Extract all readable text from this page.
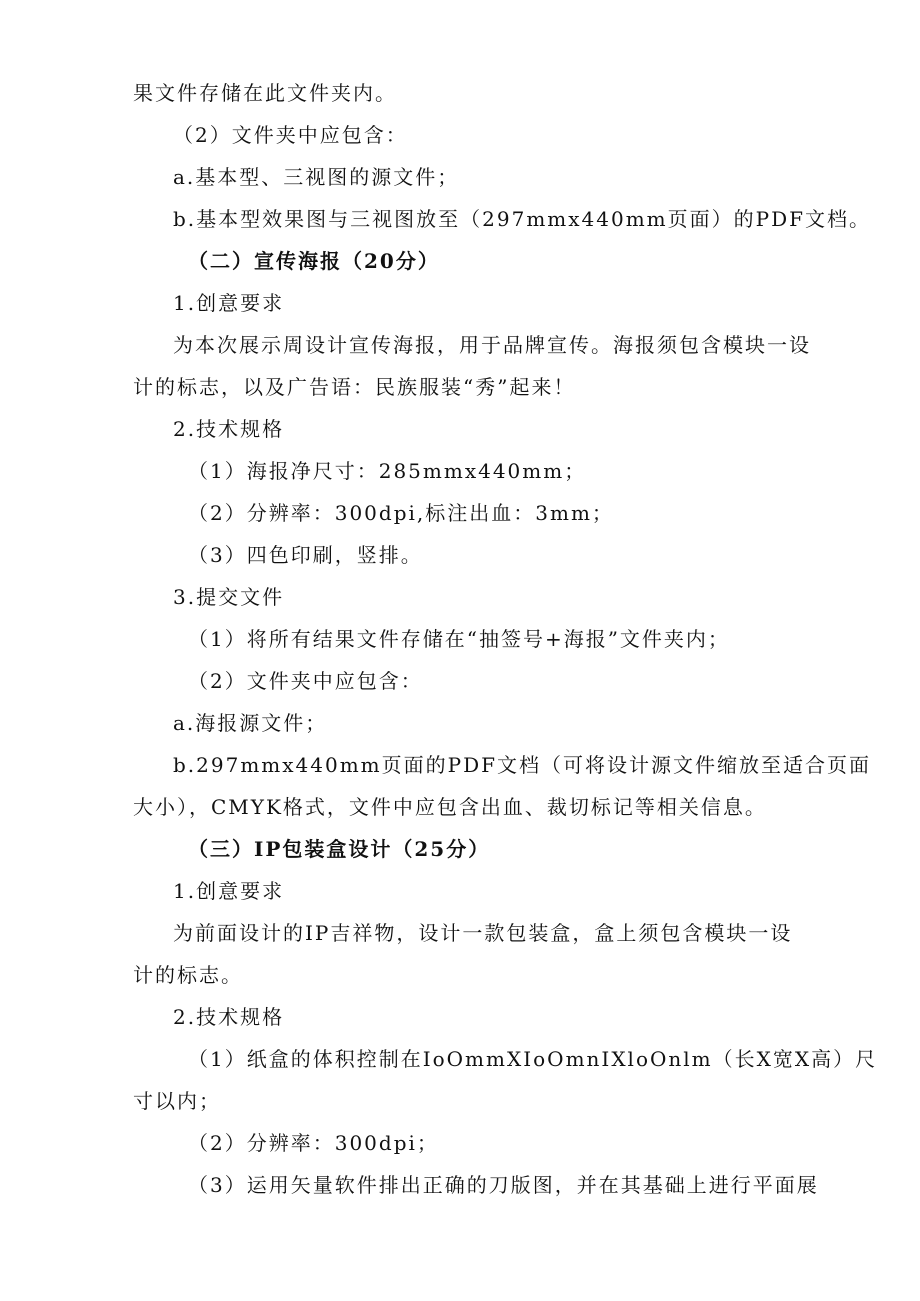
果文件存储在此文件夹内。
（2）文件夹中应包含：
a.基本型、三视图的源文件；
b.基本型效果图与三视图放至（297mmx440mm页面）的PDF文档。
（二）宣传海报（20分）
1.创意要求
为本次展示周设计宣传海报，用于品牌宣传。海报须包含模块一设
计的标志，以及广告语：民族服装“秀”起来！
2.技术规格
（1）海报净尺寸：285mmx440mm；
（2）分辨率：300dpi,标注出血：3mm；
（3）四色印刷，竖排。
3.提交文件
（1）将所有结果文件存储在“抽签号+海报”文件夹内；
（2）文件夹中应包含：
a.海报源文件；
b.297mmx440mm页面的PDF文档（可将设计源文件缩放至适合页面
大小），CMYK格式，文件中应包含出血、裁切标记等相关信息。
（三）IP包装盒设计（25分）
1.创意要求
为前面设计的IP吉祥物，设计一款包装盒，盒上须包含模块一设
计的标志。
2.技术规格
（1）纸盒的体积控制在IoOmmXIoOmnIXloOnlm（长X宽X高）尺
寸以内；
（2）分辨率：300dpi；
（3）运用矢量软件排出正确的刀版图，并在其基础上进行平面展
